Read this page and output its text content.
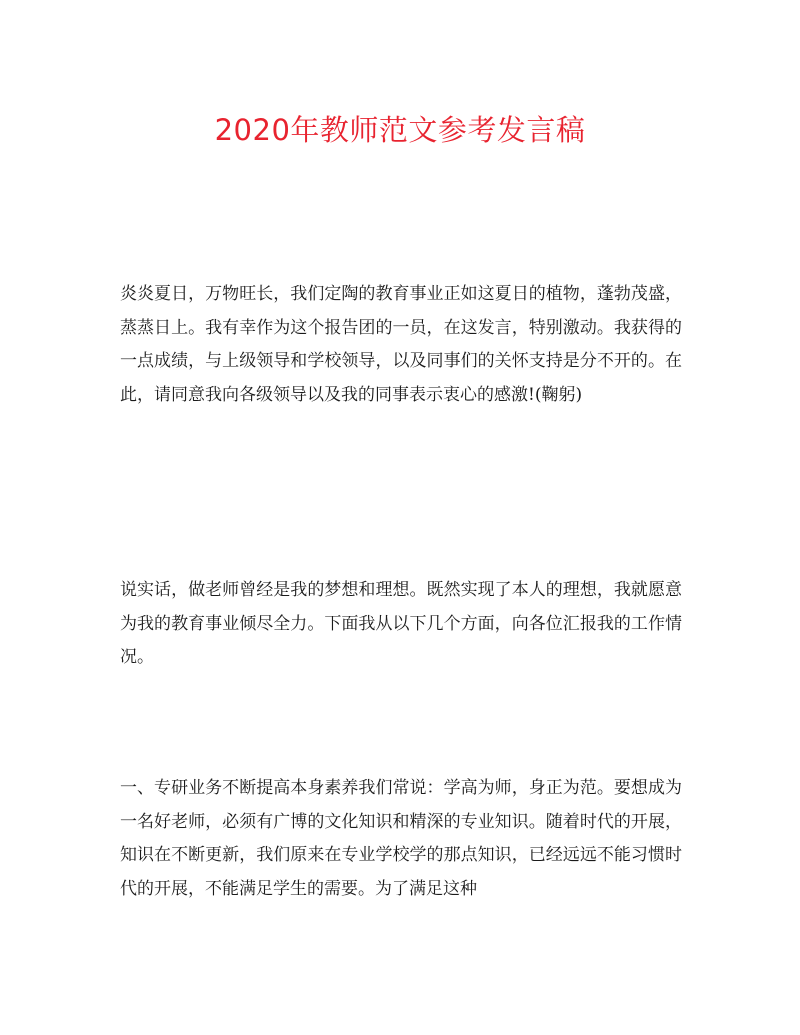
2020年教师范文参考发言稿

炎炎夏日，万物旺长，我们定陶的教育事业正如这夏日的植物，蓬勃茂盛，蒸蒸日上。我有幸作为这个报告团的一员，在这发言，特别激动。我获得的一点成绩，与上级领导和学校领导，以及同事们的关怀支持是分不开的。在此，请同意我向各级领导以及我的同事表示衷心的感激!(鞠躬)

说实话，做老师曾经是我的梦想和理想。既然实现了本人的理想，我就愿意为我的教育事业倾尽全力。下面我从以下几个方面，向各位汇报我的工作情况。

一、专研业务不断提高本身素养我们常说：学高为师，身正为范。要想成为一名好老师，必须有广博的文化知识和精深的专业知识。随着时代的开展，知识在不断更新，我们原来在专业学校学的那点知识，已经远远不能习惯时代的开展，不能满足学生的需要。为了满足这种
